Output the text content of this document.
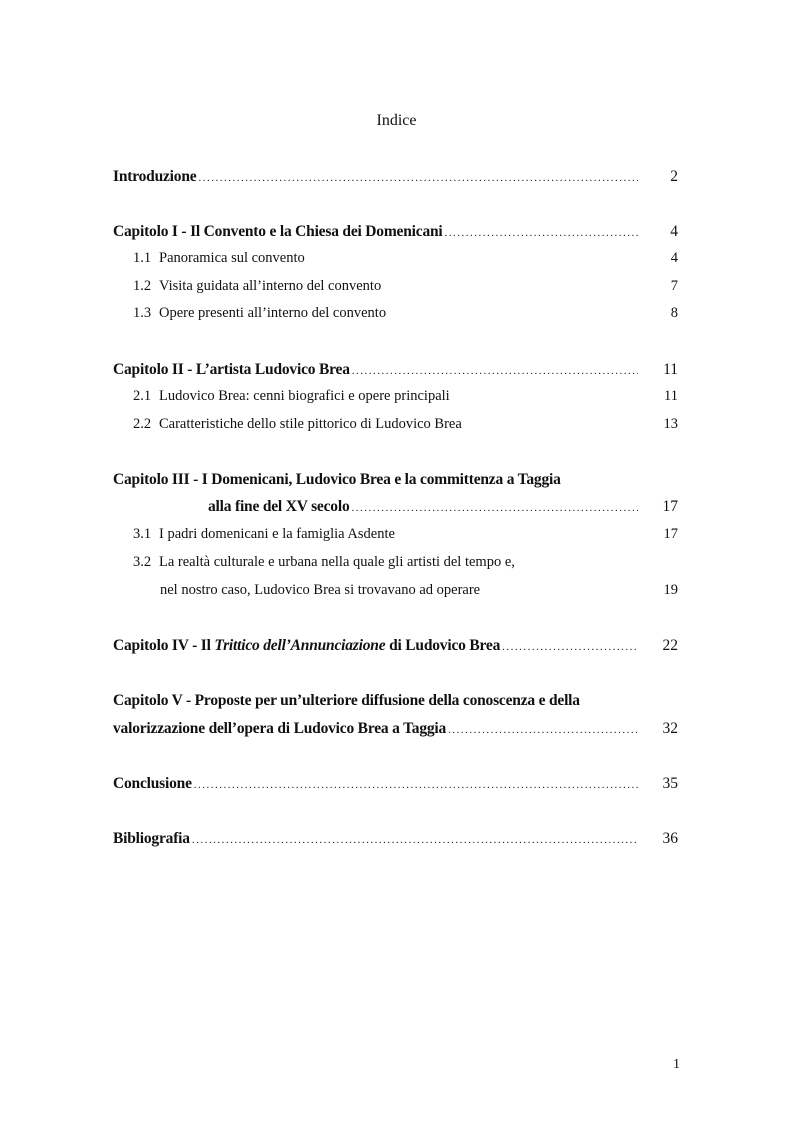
Indice
Introduzione .....	2
Capitolo I - Il Convento e la Chiesa dei Domenicani .....	4
1.1 Panoramica sul convento	4
1.2 Visita guidata all’interno del convento	7
1.3 Opere presenti all’interno del convento	8
Capitolo II - L’artista Ludovico Brea .....	11
2.1 Ludovico Brea: cenni biografici e opere principali	11
2.2 Caratteristiche dello stile pittorico di Ludovico Brea	13
Capitolo III - I Domenicani, Ludovico Brea e la committenza a Taggia
alla fine del XV secolo .....	17
3.1 I padri domenicani e la famiglia Asdente	17
3.2 La realtà culturale e urbana nella quale gli artisti del tempo e,
nel nostro caso, Ludovico Brea si trovavano ad operare	19
Capitolo IV - Il Trittico dell’Annunciazione di Ludovico Brea .....	22
Capitolo V - Proposte per un’ulteriore diffusione della conoscenza e della
valorizzazione dell’opera di Ludovico Brea a Taggia .....	32
Conclusione .....	35
Bibliografia .....	36
1
